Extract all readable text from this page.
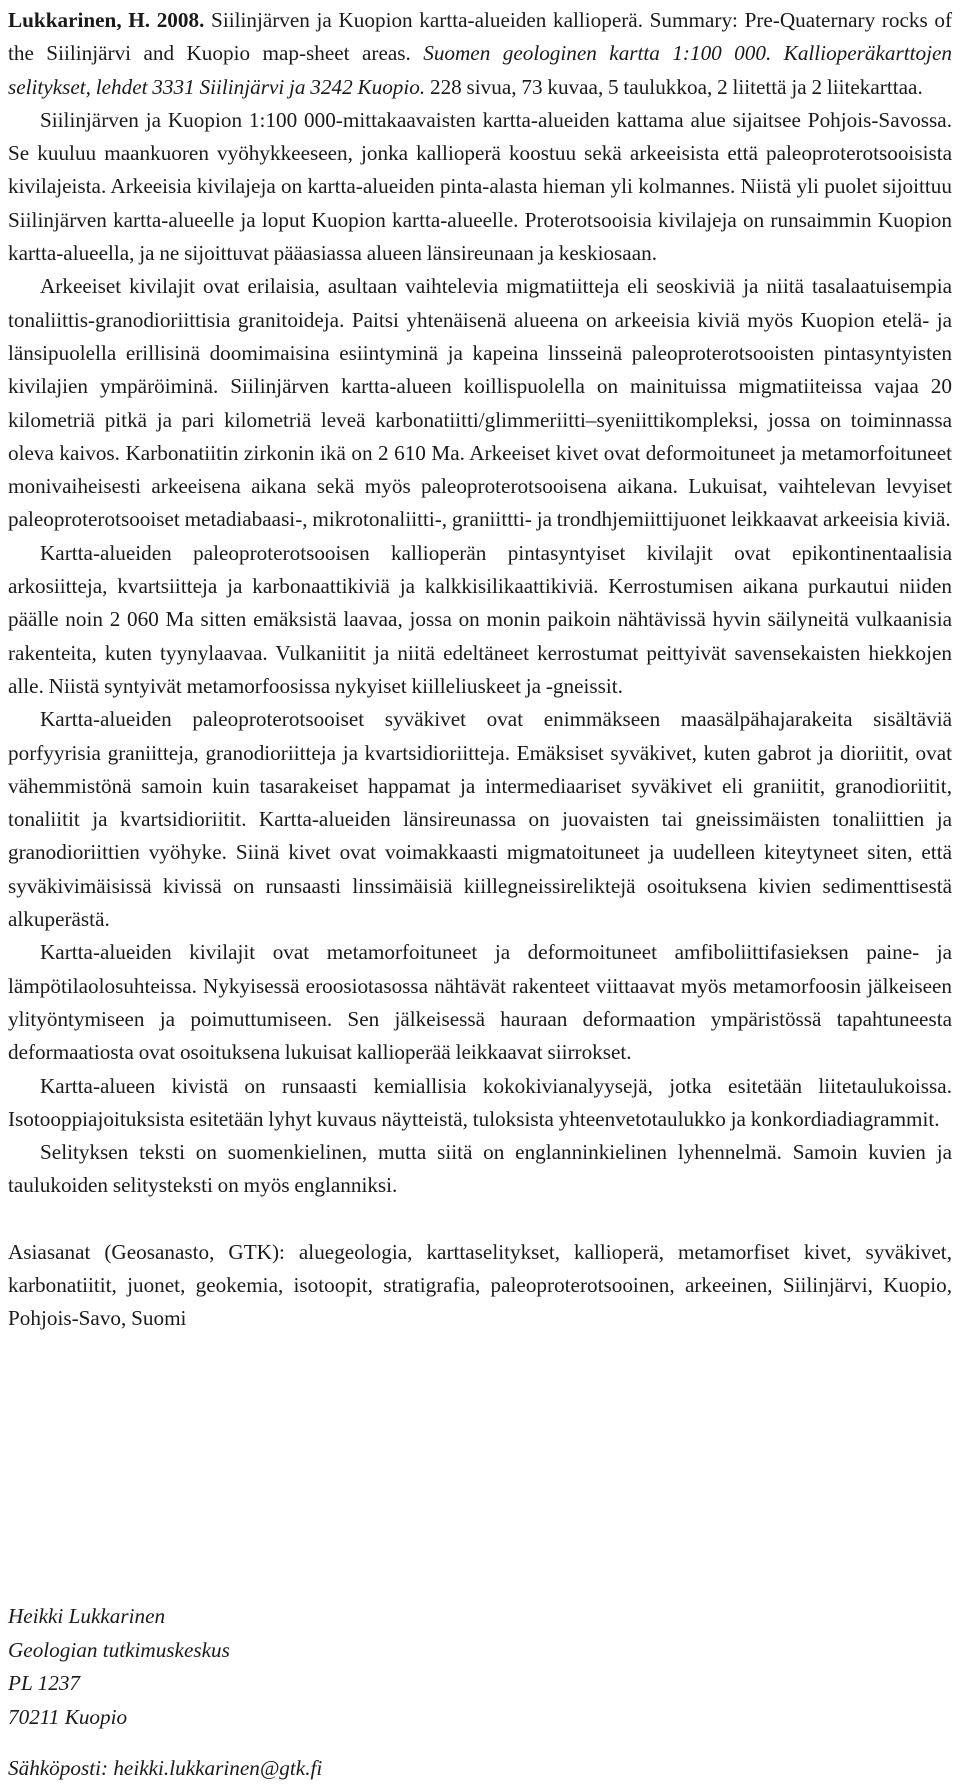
Lukkarinen, H. 2008. Siilinjärven ja Kuopion kartta-alueiden kallioperä. Summary: Pre-Quaternary rocks of the Siilinjärvi and Kuopio map-sheet areas. Suomen geologinen kartta 1:100 000. Kallioperäkarttojen selitykset, lehdet 3331 Siilinjärvi ja 3242 Kuopio. 228 sivua, 73 kuvaa, 5 taulukkoa, 2 liitettä ja 2 liitekarttaa.

Siilinjärven ja Kuopion 1:100 000-mittakaavaisten kartta-alueiden kattama alue sijaitsee Pohjois-Savossa. Se kuuluu maankuoren vyöhykkeeseen, jonka kallioperä koostuu sekä arkeeisista että paleoproterotsooisista kivilajeista. Arkeeisia kivilajeja on kartta-alueiden pinta-alasta hieman yli kolmannes. Niistä yli puolet sijoittuu Siilinjärven kartta-alueelle ja loput Kuopion kartta-alueelle. Proterotsooisia kivilajeja on runsaimmin Kuopion kartta-alueella, ja ne sijoittuvat pääasiassa alueen länsireunaan ja keskiosaan.

Arkeeiset kivilajit ovat erilaisia, asultaan vaihtelevia migmatiitteja eli seoskiviä ja niitä tasalaatuisempia tonaliittis-granodioriittisia granitoideja. Paitsi yhtenäisenä alueena on arkeeisia kiviä myös Kuopion etelä- ja länsipuolella erillisinä doomimaisina esiintyminä ja kapeina linsseinä paleoproterotsooisten pintasyntyisten kivilajien ympäröiminä. Siilinjärven kartta-alueen koillispuolella on mainituissa migmatiiteissa vajaa 20 kilometriä pitkä ja pari kilometriä leveä karbonatiitti/glimmeriitti–syeniittikompleksi, jossa on toiminnassa oleva kaivos. Karbonatiitin zirkonin ikä on 2 610 Ma. Arkeeiset kivet ovat deformoituneet ja metamorfoituneet monivaiheisesti arkeeisena aikana sekä myös paleoproterotsooisena aikana. Lukuisat, vaihtelevan levyiset paleoproterotsooiset metadiabaasi-, mikrotonaliitti-, graniittti- ja trondhjemiittijuonet leikkaavat arkeeisia kiviä.

Kartta-alueiden paleoproterotsooisen kallioperän pintasyntyiset kivilajit ovat epikontinentaalisia arkosiitteja, kvartsiitteja ja karbonaattikiviä ja kalkkisilikaattikiviä. Kerrostumisen aikana purkautui niiden päälle noin 2 060 Ma sitten emäksistä laavaa, jossa on monin paikoin nähtävissä hyvin säilyneitä vulkaanisia rakenteita, kuten tyynylaavaa. Vulkaniitit ja niitä edeltäneet kerrostumat peittyivät savensekaisten hiekkojen alle. Niistä syntyivät metamorfoosissa nykyiset kiilleliuskeet ja -gneissit.

Kartta-alueiden paleoproterotsooiset syväkivet ovat enimmäkseen maasälpähajarakeita sisältäviä porfyyrisia graniitteja, granodioriitteja ja kvartsidioriitteja. Emäksiset syväkivet, kuten gabrot ja dioriitit, ovat vähemmistönä samoin kuin tasarakeiset happamat ja intermediaariset syväkivet eli graniitit, granodioriitit, tonaliitit ja kvartsidioriitit. Kartta-alueiden länsireunassa on juovaisten tai gneissimäisten tonaliittien ja granodioriittien vyöhyke. Siinä kivet ovat voimakkaasti migmatoituneet ja uudelleen kiteytyneet siten, että syväkivimäisissä kivissä on runsaasti linssimäisiä kiillegneissireliktejä osoituksena kivien sedimenttisestä alkuperästä.

Kartta-alueiden kivilajit ovat metamorfoituneet ja deformoituneet amfiboliittifasieksen paine- ja lämpötilaolosuhteissa. Nykyisessä eroosiotasossa nähtävät rakenteet viittaavat myös metamorfoosin jälkeiseen ylityöntymiseen ja poimuttumiseen. Sen jälkeisessä hauraan deformaation ympäristössä tapahtuneesta deformaatiosta ovat osoituksena lukuisat kallioperää leikkaavat siirrokset.

Kartta-alueen kivistä on runsaasti kemiallisia kokokivianalyysejä, jotka esitetään liitetaulukoissa. Isotooppiajoituksista esitetään lyhyt kuvaus näytteistä, tuloksista yhteenvetotaulukko ja konkordiadiagrammit.

Selityksen teksti on suomenkielinen, mutta siitä on englanninkielinen lyhennelmä. Samoin kuvien ja taulukoiden selitysteksti on myös englanniksi.

Asiasanat (Geosanasto, GTK): aluegeologia, karttaselitykset, kallioperä, metamorfiset kivet, syväkivet, karbonatiitit, juonet, geokemia, isotoopit, stratigrafia, paleoproterotsooinen, arkeeinen, Siilinjärvi, Kuopio, Pohjois-Savo, Suomi

Heikki Lukkarinen
Geologian tutkimuskeskus
PL 1237
70211 Kuopio
Sähköposti: heikki.lukkarinen@gtk.fi
